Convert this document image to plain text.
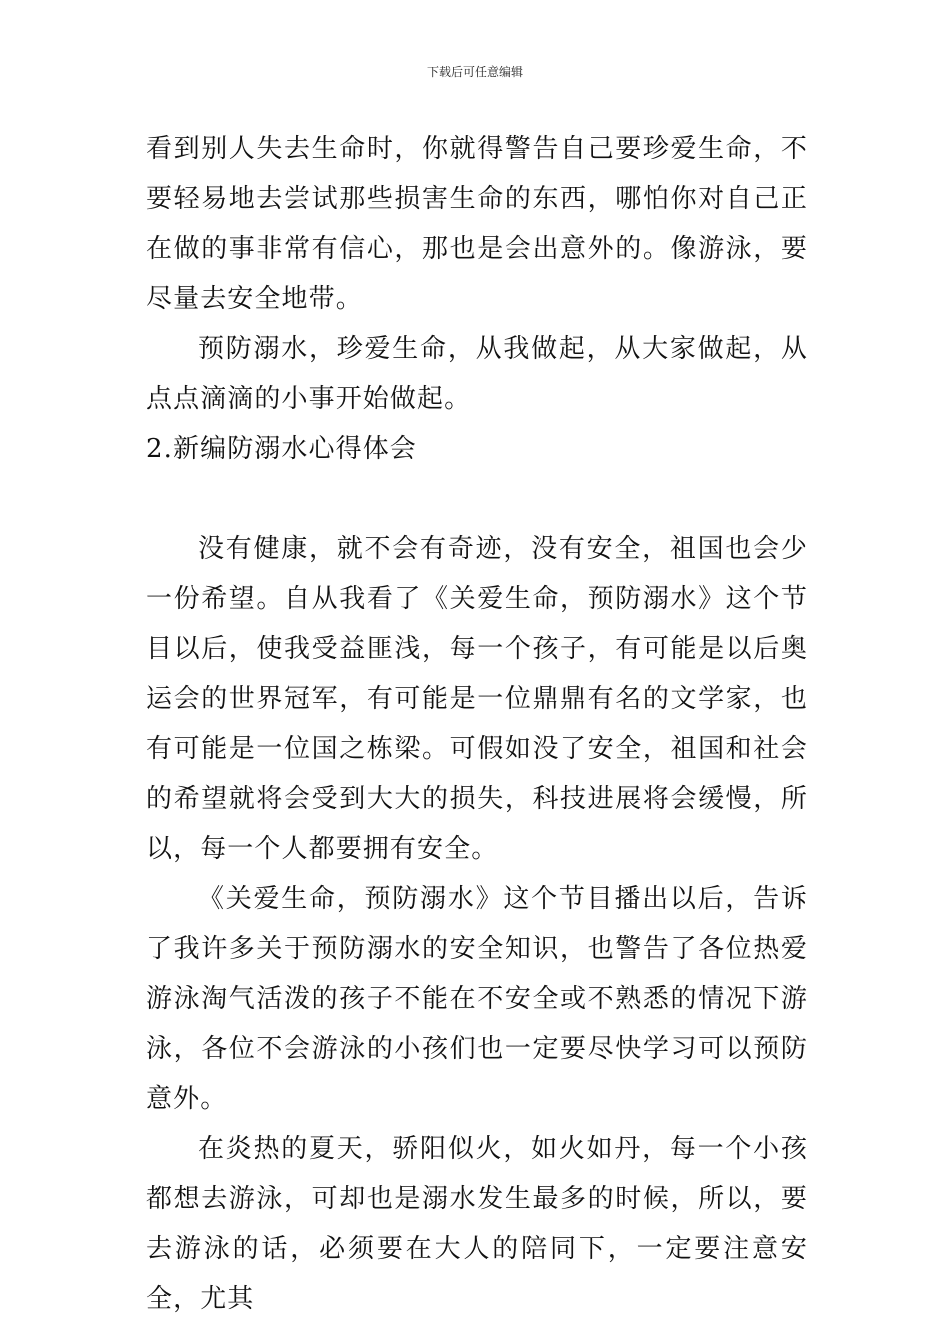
下载后可任意编辑

看到别人失去生命时，你就得警告自己要珍爱生命，不要轻易地去尝试那些损害生命的东西，哪怕你对自己正在做的事非常有信心，那也是会出意外的。像游泳，要尽量去安全地带。

预防溺水，珍爱生命，从我做起，从大家做起，从点点滴滴的小事开始做起。

2.新编防溺水心得体会

没有健康，就不会有奇迹，没有安全，祖国也会少一份希望。自从我看了《关爱生命，预防溺水》这个节目以后，使我受益匪浅，每一个孩子，有可能是以后奥运会的世界冠军，有可能是一位鼎鼎有名的文学家，也有可能是一位国之栋梁。可假如没了安全，祖国和社会的希望就将会受到大大的损失，科技进展将会缓慢，所以，每一个人都要拥有安全。

《关爱生命，预防溺水》这个节目播出以后，告诉了我许多关于预防溺水的安全知识，也警告了各位热爱游泳淘气活泼的孩子不能在不安全或不熟悉的情况下游泳，各位不会游泳的小孩们也一定要尽快学习可以预防意外。

在炎热的夏天，骄阳似火，如火如丹，每一个小孩都想去游泳，可却也是溺水发生最多的时候，所以，要去游泳的话，必须要在大人的陪同下，一定要注意安全，尤其
